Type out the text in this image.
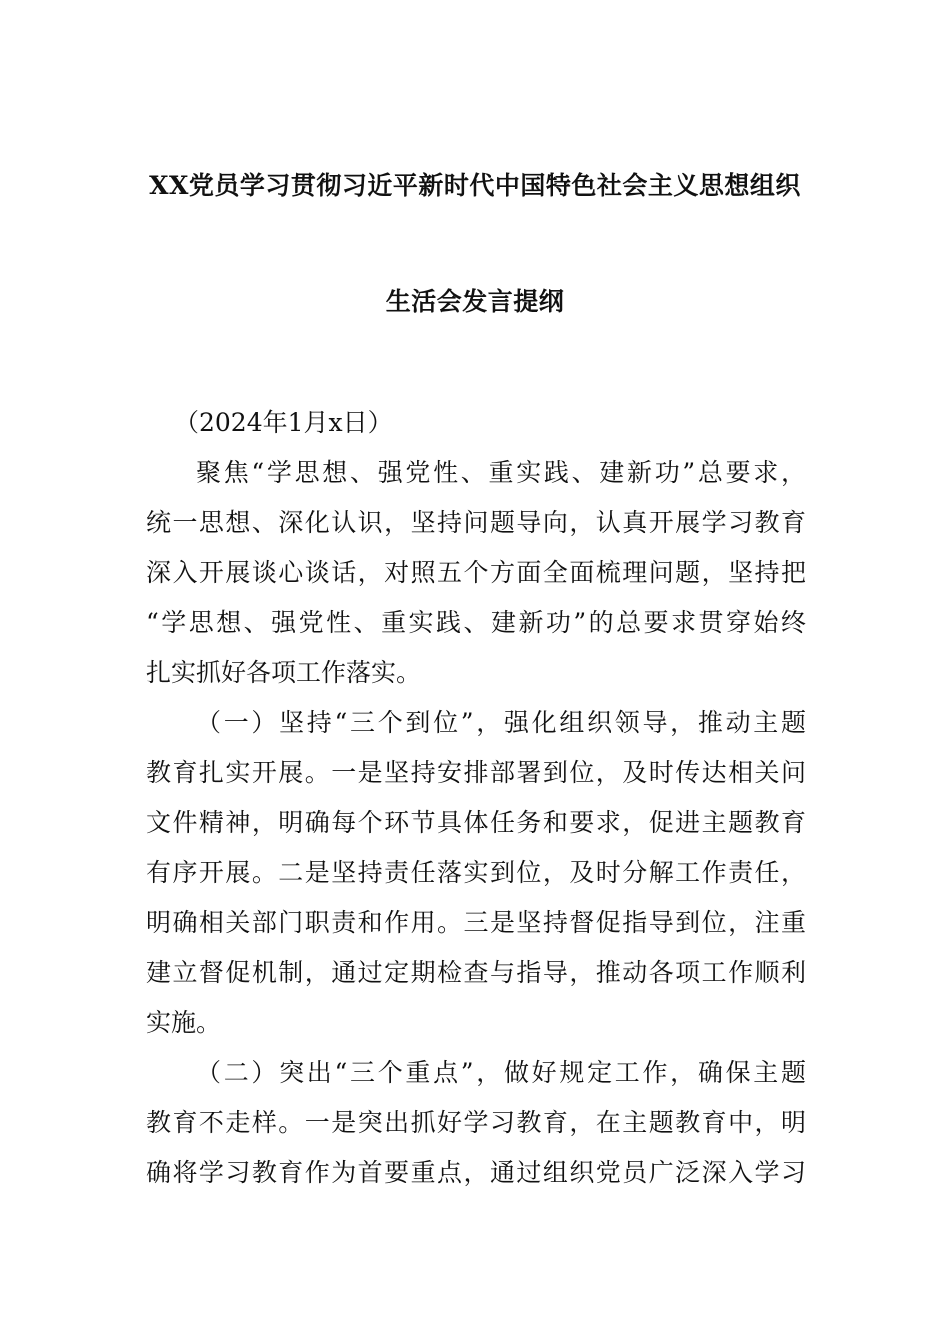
XX党员学习贯彻习近平新时代中国特色社会主义思想组织
生活会发言提纲
（2024年1月x日）
聚焦“学思想、强党性、重实践、建新功”总要求，
统一思想、深化认识，坚持问题导向，认真开展学习教育
深入开展谈心谈话，对照五个方面全面梳理问题，坚持把
“学思想、强党性、重实践、建新功”的总要求贯穿始终
扎实抓好各项工作落实。
（一）坚持“三个到位”，强化组织领导，推动主题
教育扎实开展。一是坚持安排部署到位，及时传达相关问
文件精神，明确每个环节具体任务和要求，促进主题教育
有序开展。二是坚持责任落实到位，及时分解工作责任，
明确相关部门职责和作用。三是坚持督促指导到位，注重
建立督促机制，通过定期检查与指导，推动各项工作顺利
实施。
（二）突出“三个重点”，做好规定工作，确保主题
教育不走样。一是突出抓好学习教育，在主题教育中，明
确将学习教育作为首要重点，通过组织党员广泛深入学习
